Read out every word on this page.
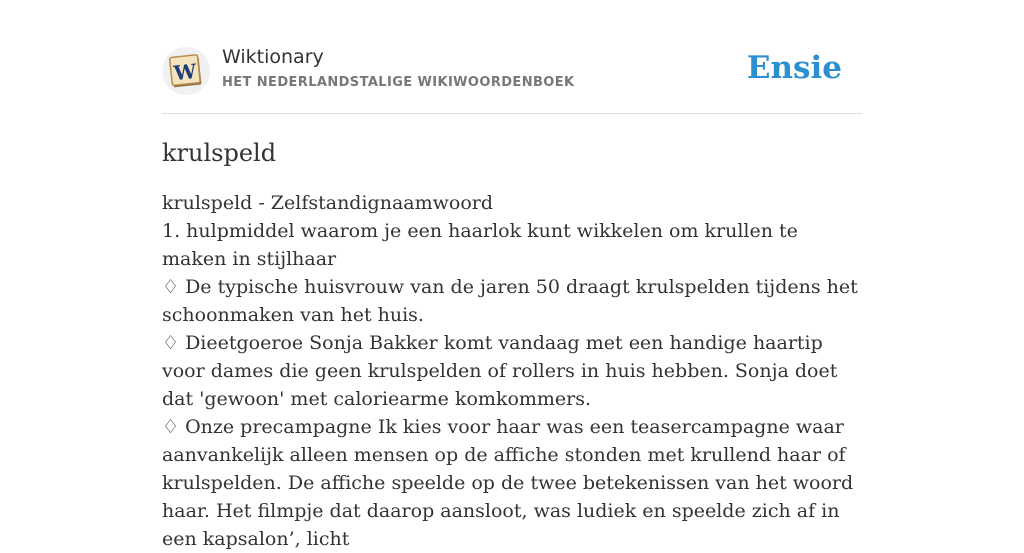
W
Wiktionary
HET NEDERLANDSTALIGE WIKIWOORDENBOEK	Ensie
krulspeld
krulspeld - Zelfstandignaamwoord
1. hulpmiddel waarom je een haarlok kunt wikkelen om krullen te maken in stijlhaar
♢ De typische huisvrouw van de jaren 50 draagt krulspelden tijdens het schoonmaken van het huis.
♢ Dieetgoeroe Sonja Bakker komt vandaag met een handige haartip voor dames die geen krulspelden of rollers in huis hebben. Sonja doet dat 'gewoon' met caloriearme komkommers.
♢ Onze precampagne Ik kies voor haar was een teasercampagne waar aanvankelijk alleen mensen op de affiche stonden met krullend haar of krulspelden. De affiche speelde op de twee betekenissen van het woord haar. Het filmpje dat daarop aansloot, was ludiek en speelde zich af in een kapsalon’, licht
